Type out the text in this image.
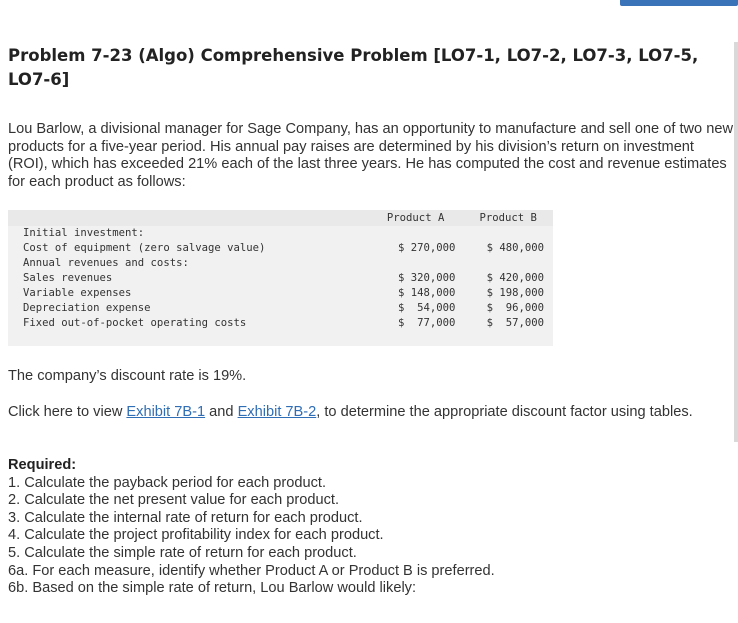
Problem 7-23 (Algo) Comprehensive Problem [LO7-1, LO7-2, LO7-3, LO7-5, LO7-6]

Lou Barlow, a divisional manager for Sage Company, has an opportunity to manufacture and sell one of two new products for a five-year period. His annual pay raises are determined by his division’s return on investment (ROI), which has exceeded 21% each of the last three years. He has computed the cost and revenue estimates for each product as follows:

	Product A	Product B
Initial investment:		
Cost of equipment (zero salvage value)	$ 270,000	$ 480,000
Annual revenues and costs:		
Sales revenues	$ 320,000	$ 420,000
Variable expenses	$ 148,000	$ 198,000
Depreciation expense	$  54,000	$  96,000
Fixed out-of-pocket operating costs	$  77,000	$  57,000

The company’s discount rate is 19%.

Click here to view Exhibit 7B-1 and Exhibit 7B-2, to determine the appropriate discount factor using tables.

Required:
1. Calculate the payback period for each product.
2. Calculate the net present value for each product.
3. Calculate the internal rate of return for each product.
4. Calculate the project profitability index for each product.
5. Calculate the simple rate of return for each product.
6a. For each measure, identify whether Product A or Product B is preferred.
6b. Based on the simple rate of return, Lou Barlow would likely:
